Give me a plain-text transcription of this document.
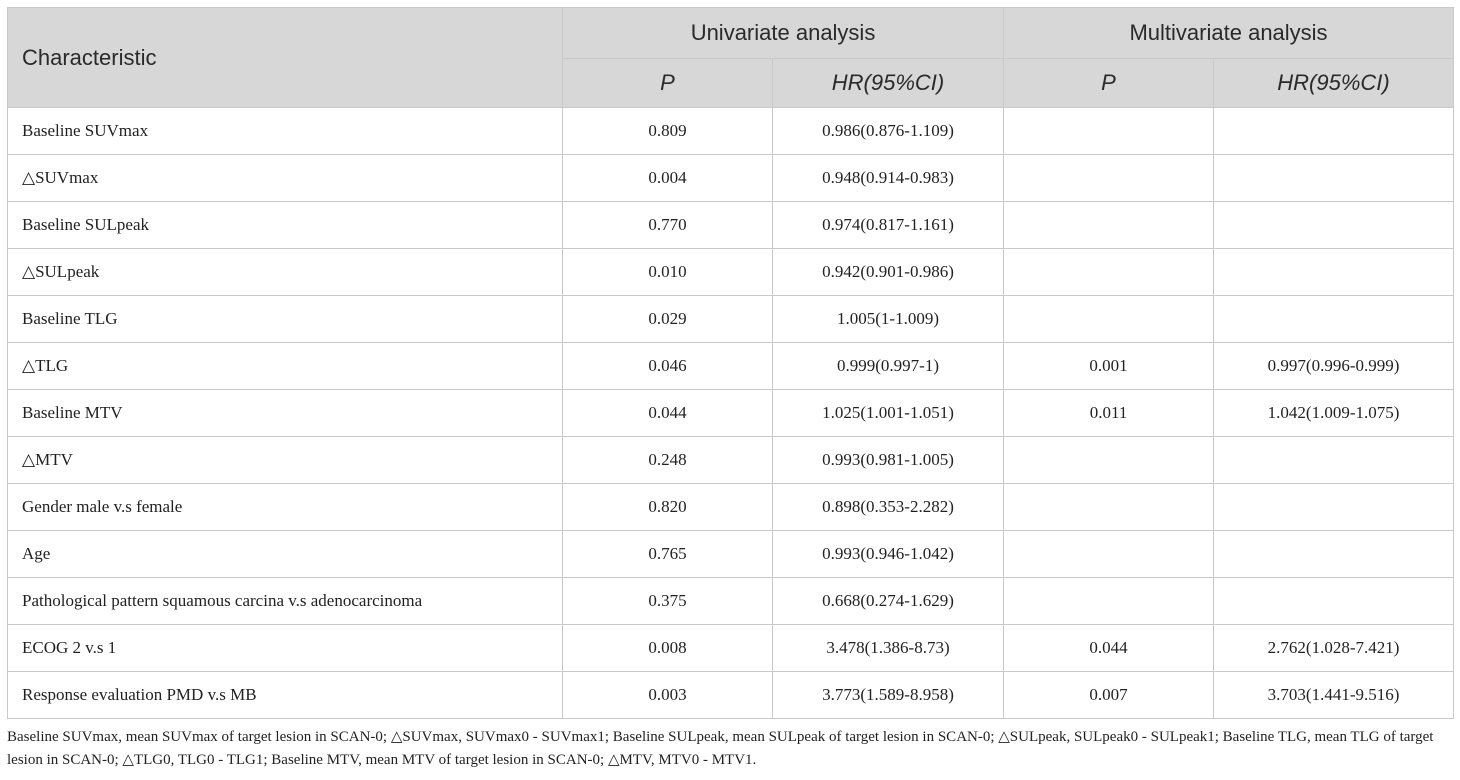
Characteristic	Univariate analysis		Multivariate analysis	
	P	HR(95%CI)	P	HR(95%CI)
Baseline SUVmax	0.809	0.986(0.876-1.109)		
△SUVmax	0.004	0.948(0.914-0.983)		
Baseline SULpeak	0.770	0.974(0.817-1.161)		
△SULpeak	0.010	0.942(0.901-0.986)		
Baseline TLG	0.029	1.005(1-1.009)		
△TLG	0.046	0.999(0.997-1)	0.001	0.997(0.996-0.999)
Baseline MTV	0.044	1.025(1.001-1.051)	0.011	1.042(1.009-1.075)
△MTV	0.248	0.993(0.981-1.005)		
Gender male v.s female	0.820	0.898(0.353-2.282)		
Age	0.765	0.993(0.946-1.042)		
Pathological pattern squamous carcina v.s adenocarcinoma	0.375	0.668(0.274-1.629)		
ECOG 2 v.s 1	0.008	3.478(1.386-8.73)	0.044	2.762(1.028-7.421)
Response evaluation PMD v.s MB	0.003	3.773(1.589-8.958)	0.007	3.703(1.441-9.516)
Baseline SUVmax, mean SUVmax of target lesion in SCAN-0; △SUVmax, SUVmax0 - SUVmax1; Baseline SULpeak, mean SULpeak of target lesion in SCAN-0; △SULpeak, SULpeak0 - SULpeak1; Baseline TLG, mean TLG of target lesion in SCAN-0; △TLG0, TLG0 - TLG1; Baseline MTV, mean MTV of target lesion in SCAN-0; △MTV, MTV0 - MTV1.
